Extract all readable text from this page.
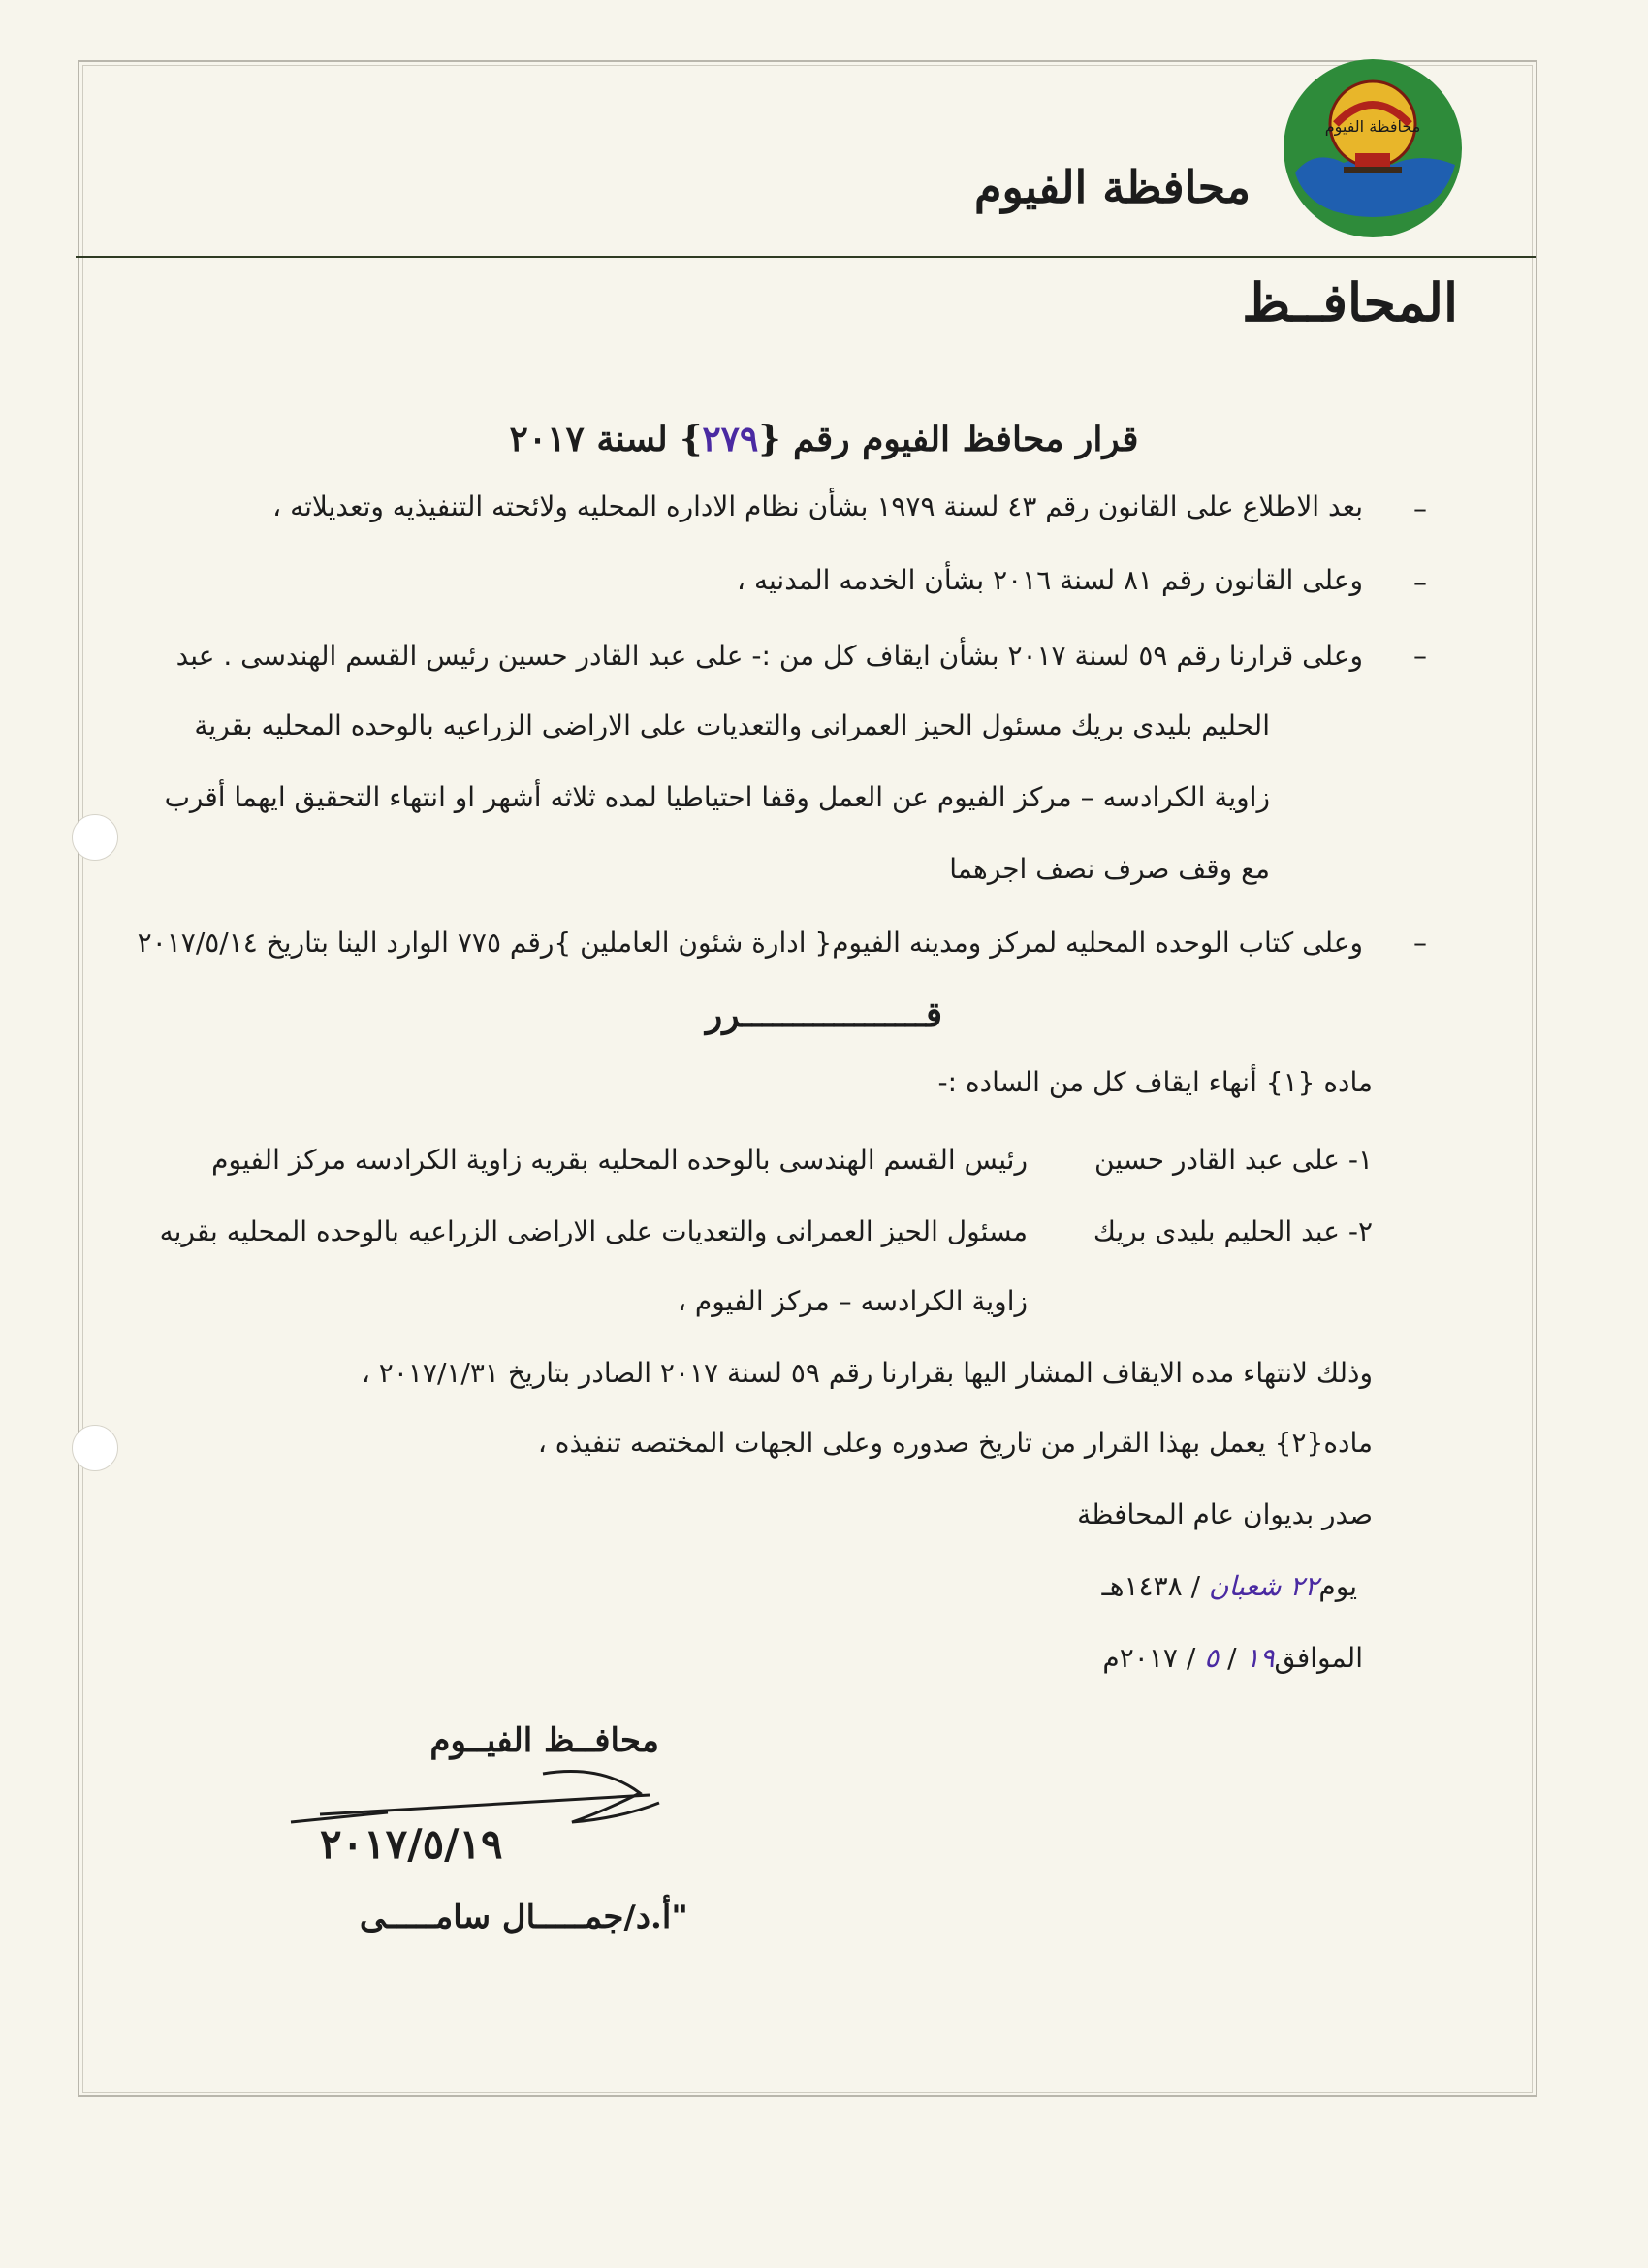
محافظة الفيوم
محافظة الفيوم
المحافــظ
قرار محافظ الفيوم رقم {٢٧٩} لسنة ٢٠١٧
–
بعد الاطلاع على القانون رقم ٤٣ لسنة ١٩٧٩ بشأن نظام الاداره المحليه ولائحته التنفيذيه وتعديلاته ،
–
وعلى القانون رقم ٨١ لسنة ٢٠١٦ بشأن الخدمه المدنيه ،
–
وعلى قرارنا رقم ٥٩ لسنة ٢٠١٧ بشأن ايقاف كل من :- على عبد القادر حسين رئيس القسم الهندسى . عبد
الحليم بليدى بريك مسئول الحيز العمرانى والتعديات على الاراضى الزراعيه بالوحده المحليه بقرية
زاوية الكرادسه – مركز الفيوم عن العمل وقفا احتياطيا لمده ثلاثه أشهر او انتهاء التحقيق ايهما أقرب
مع وقف صرف نصف اجرهما
–
وعلى كتاب الوحده المحليه لمركز ومدينه الفيوم{ ادارة شئون العاملين }رقم ٧٧٥ الوارد الينا بتاريخ ٢٠١٧/٥/١٤
قــــــــــــــــــرر
ماده {١} أنهاء ايقاف كل من الساده :-
١- على عبد القادر حسين
رئيس القسم الهندسى بالوحده المحليه بقريه زاوية الكرادسه مركز الفيوم
٢- عبد الحليم بليدى بريك
مسئول الحيز العمرانى والتعديات على الاراضى الزراعيه بالوحده المحليه بقريه
زاوية الكرادسه – مركز الفيوم ،
وذلك لانتهاء مده الايقاف المشار اليها بقرارنا رقم ٥٩ لسنة ٢٠١٧ الصادر بتاريخ ٢٠١٧/١/٣١ ،
ماده{٢} يعمل بهذا القرار من تاريخ صدوره وعلى الجهات المختصه تنفيذه ،
صدر بديوان عام المحافظة
يوم٢٢ شعبان / ١٤٣٨هـ
الموافق١٩ / ٥ / ٢٠١٧م
محافــظ الفيــوم
٢٠١٧/٥/١٩
"أ.د/جمـــــال سامـــــى
